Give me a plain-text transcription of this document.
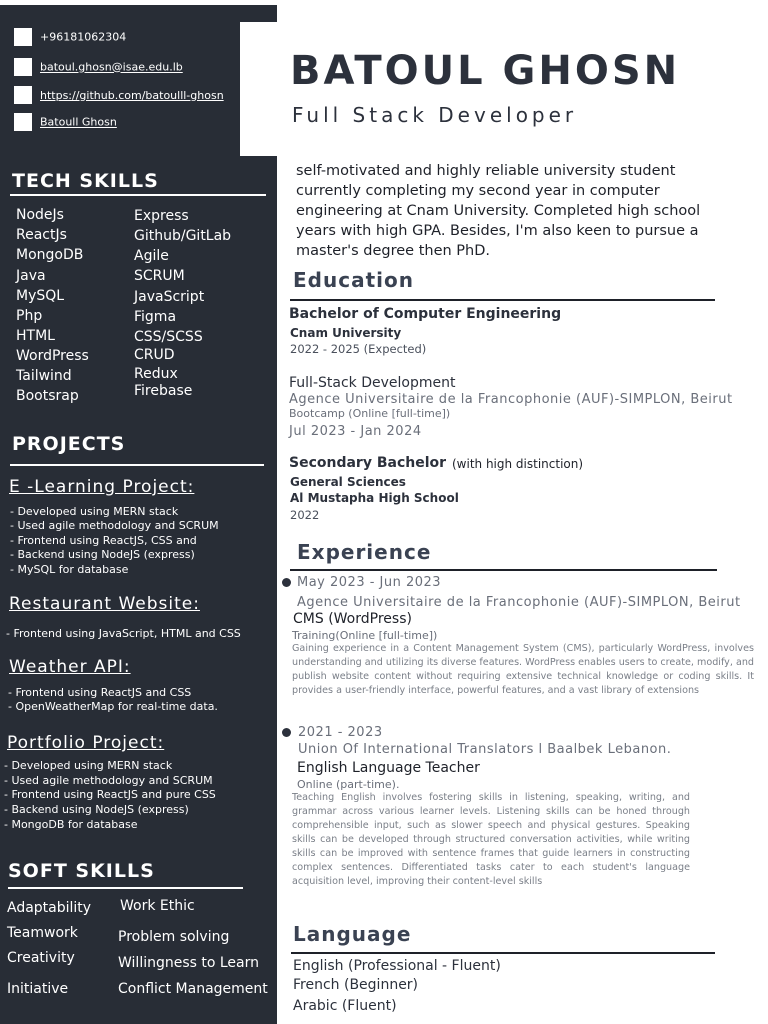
+96181062304
batoul.ghosn@isae.edu.lb
https://github.com/batoulll-ghosn
Batoull Ghosn
TECH SKILLS
NodeJs
ReactJs
MongoDB
Java
MySQL
Php
HTML
WordPress
Tailwind
Bootsrap
Express
Github/GitLab
Agile
SCRUM
JavaScript
Figma
CSS/SCSS
CRUD
Redux
Firebase
PROJECTS
E -Learning Project:
- Developed using MERN stack
- Used agile methodology and SCRUM
- Frontend using ReactJS, CSS and
- Backend using NodeJS (express)
- MySQL for database
Restaurant Website:
- Frontend using JavaScript, HTML and CSS
Weather API:
- Frontend using ReactJS and CSS
- OpenWeatherMap for real-time data.
Portfolio Project:
- Developed using MERN stack
- Used agile methodology and SCRUM
- Frontend using ReactJS and pure CSS
- Backend using NodeJS (express)
- MongoDB for database
SOFT SKILLS
Adaptability
Teamwork
Creativity
Initiative
Work Ethic
Problem solving
Willingness to Learn
Conflict Management
BATOUL GHOSN
Full Stack Developer
self-motivated and highly reliable university student currently completing my second year in computer engineering at Cnam University. Completed high school years with high GPA. Besides, I'm also keen to pursue a master's degree then PhD.
Education
Bachelor of Computer Engineering
Cnam University
2022 - 2025 (Expected)
Full-Stack Development
Agence Universitaire de la Francophonie (AUF)-SIMPLON, Beirut
Bootcamp (Online [full-time])
Jul 2023 - Jan 2024
Secondary Bachelor (with high distinction)
General Sciences
Al Mustapha High School
2022
Experience
May 2023 - Jun 2023
Agence Universitaire de la Francophonie (AUF)-SIMPLON, Beirut
CMS (WordPress)
Training(Online [full-time])
Gaining experience in a Content Management System (CMS), particularly WordPress, involves understanding and utilizing its diverse features. WordPress enables users to create, modify, and publish website content without requiring extensive technical knowledge or coding skills. It provides a user-friendly interface, powerful features, and a vast library of extensions
2021 - 2023
Union Of International Translators l Baalbek Lebanon.
English Language Teacher
Online (part-time).
Teaching English involves fostering skills in listening, speaking, writing, and grammar across various learner levels. Listening skills can be honed through comprehensible input, such as slower speech and physical gestures. Speaking skills can be developed through structured conversation activities, while writing skills can be improved with sentence frames that guide learners in constructing complex sentences. Differentiated tasks cater to each student's language acquisition level, improving their content-level skills
Language
English (Professional - Fluent)
French (Beginner)
Arabic (Fluent)
